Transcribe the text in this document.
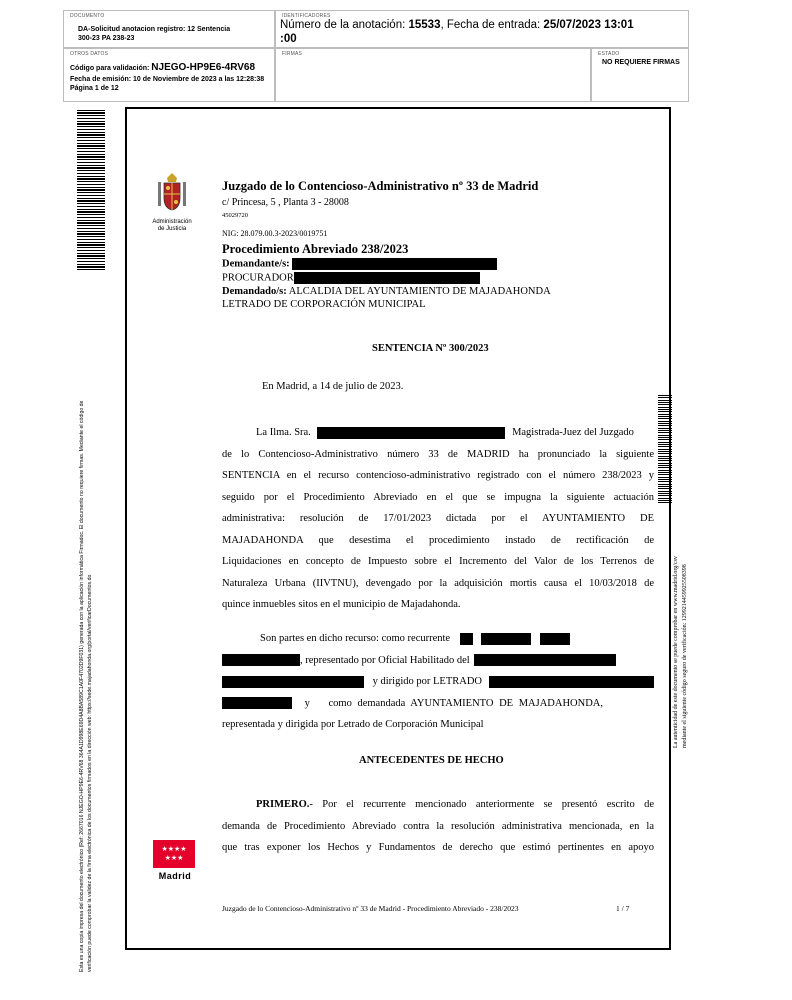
DOCUMENTO
DA-Solicitud anotacion registro: 12 Sentencia 300-23 PA 238-23
IDENTIFICADORES
Número de la anotación: 15533, Fecha de entrada: 25/07/2023 13:01
:00
OTROS DATOS
Código para validación: NJEGO-HP9E6-4RV68
Fecha de emisión: 10 de Noviembre de 2023 a las 12:28:38
Página 1 de 12
FIRMAS	ESTADO
NO REQUIERE FIRMAS
Esta es una copia impresa del documento electrónico (Ref: 2667016 NJEGO-HP9E6-4RV68 364A1D998E69D4A8BA589C1A0F4702D9F031) generada con la aplicación informática Firmadoc. El documento no requiere firmas. Mediante el código de verificación puede comprobar la validez de la firma electrónica de los documentos firmados en la dirección web: https://sede.majadahonda.org/portal/verificarDocumentos.do	La autenticidad de este documento se puede comprobar en www.madrid.org/csv mediante el siguiente código seguro de verificación: 1299214459925508398
Administración
de Justicia
★★★★ ★★★
Madrid
Juzgado de lo Contencioso-Administrativo nº 33 de Madrid
c/ Princesa, 5 , Planta 3 - 28008
45029720
NIG: 28.079.00.3-2023/0019751
Procedimiento Abreviado 238/2023
Demandante/s:
PROCURADOR
Demandado/s: ALCALDIA DEL AYUNTAMIENTO DE MAJADAHONDA
LETRADO DE CORPORACIÓN MUNICIPAL
SENTENCIA Nº 300/2023
En Madrid, a 14 de julio de 2023.
La Ilma. Sra.	Magistrada-Juez del Juzgado
de lo Contencioso-Administrativo número 33 de MADRID ha pronunciado la siguiente
SENTENCIA en el recurso contencioso-administrativo registrado con el número 238/2023 y
seguido por el Procedimiento Abreviado en el que se impugna la siguiente actuación
administrativa: resolución de 17/01/2023 dictada por el AYUNTAMIENTO DE
MAJADAHONDA que desestima el procedimiento instado de rectificación de
Liquidaciones en concepto de Impuesto sobre el Incremento del Valor de los Terrenos de
Naturaleza Urbana (IIVTNU), devengado por la adquisición mortis causa el 10/03/2018 de
quince inmuebles sitos en el municipio de Majadahonda.
Son partes en dicho recurso: como recurrente
, representado por Oficial Habilitado del
y dirigido por LETRADO
y como demandada AYUNTAMIENTO DE MAJADAHONDA,
representada y dirigida por Letrado de Corporación Municipal
ANTECEDENTES DE HECHO
PRIMERO.- Por el recurrente mencionado anteriormente se presentó escrito de
demanda de Procedimiento Abreviado contra la resolución administrativa mencionada, en la
que tras exponer los Hechos y Fundamentos de derecho que estimó pertinentes en apoyo
Juzgado de lo Contencioso-Administrativo nº 33 de Madrid - Procedimiento Abreviado - 238/2023	1 / 7
